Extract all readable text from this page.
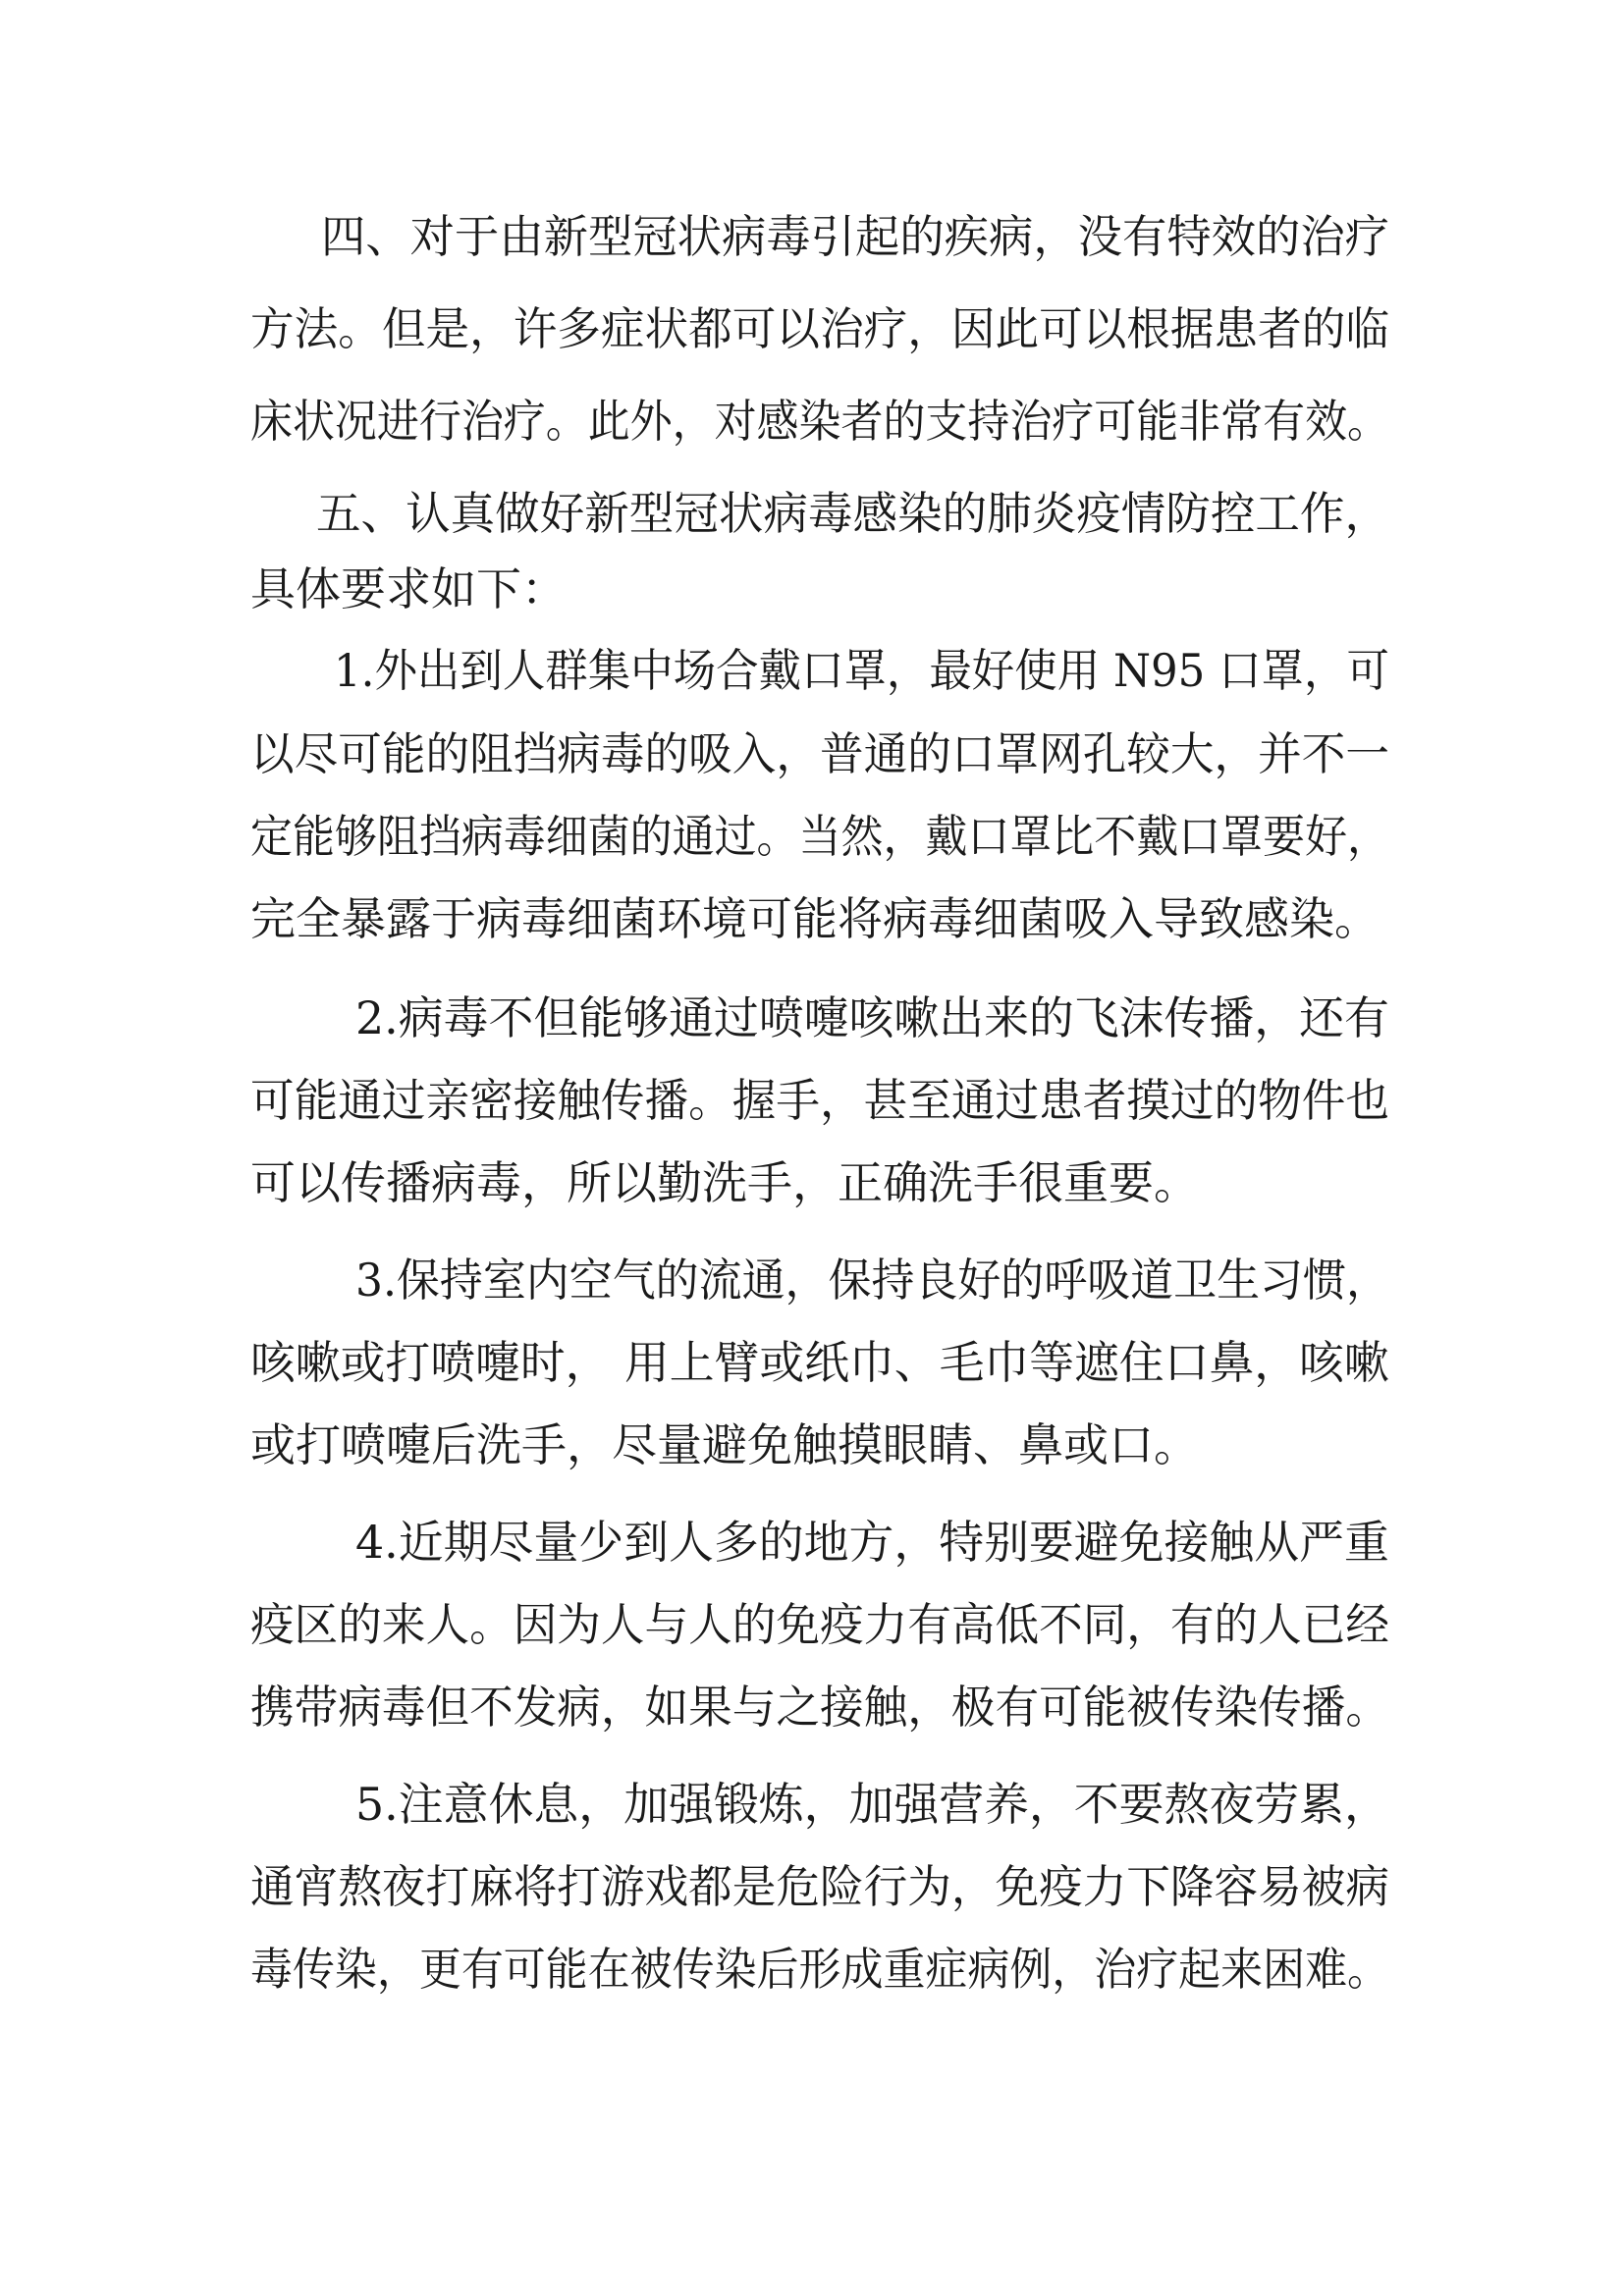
四、对于由新型冠状病毒引起的疾病，没有特效的治疗
方法。但是，许多症状都可以治疗，因此可以根据患者的临
床状况进行治疗。此外，对感染者的支持治疗可能非常有效。
五、认真做好新型冠状病毒感染的肺炎疫情防控工作，
具体要求如下：
1.外出到人群集中场合戴口罩，最好使用 N95 口罩，可
以尽可能的阻挡病毒的吸入，普通的口罩网孔较大，并不一
定能够阻挡病毒细菌的通过。当然，戴口罩比不戴口罩要好，
完全暴露于病毒细菌环境可能将病毒细菌吸入导致感染。
2.病毒不但能够通过喷嚏咳嗽出来的飞沫传播，还有
可能通过亲密接触传播。握手，甚至通过患者摸过的物件也
可以传播病毒，所以勤洗手，正确洗手很重要。
3.保持室内空气的流通，保持良好的呼吸道卫生习惯，
咳嗽或打喷嚏时， 用上臂或纸巾、毛巾等遮住口鼻，咳嗽
或打喷嚏后洗手，尽量避免触摸眼睛、鼻或口。
4.近期尽量少到人多的地方，特别要避免接触从严重
疫区的来人。因为人与人的免疫力有高低不同，有的人已经
携带病毒但不发病，如果与之接触，极有可能被传染传播。
5.注意休息，加强锻炼，加强营养，不要熬夜劳累，
通宵熬夜打麻将打游戏都是危险行为，免疫力下降容易被病
毒传染，更有可能在被传染后形成重症病例，治疗起来困难。
